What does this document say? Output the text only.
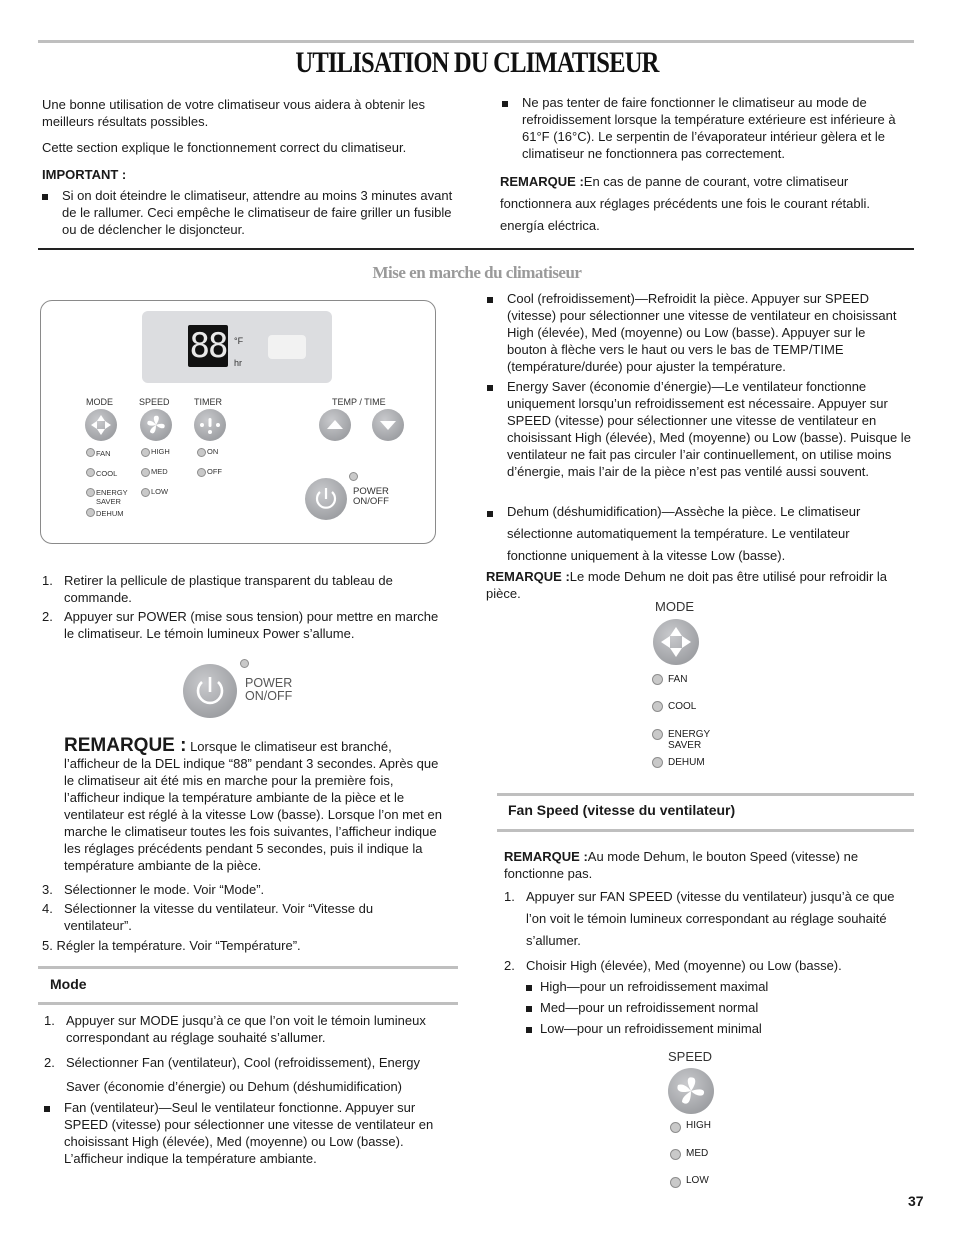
UTILISATION DU CLIMATISEUR

Une bonne utilisation de votre climatiseur vous aidera à obtenir les meilleurs résultats possibles.

Cette section explique le fonctionnement correct du climatiseur.

IMPORTANT :

Si on doit éteindre le climatiseur, attendre au moins 3 minutes avant de le rallumer. Ceci empêche le climatiseur de faire griller un fusible ou de déclencher le disjoncteur.
Ne pas tenter de faire fonctionner le climatiseur au mode de refroidissement lorsque la température extérieure est inférieure à 61°F (16°C). Le serpentin de l’évaporateur intérieur gèlera et le climatiseur ne fonctionnera pas correctement.

REMARQUE :En cas de panne de courant, votre climatiseur fonctionnera aux réglages précédents une fois le courant rétabli. energía eléctrica.

Mise en marche du climatiseur
88 °F
hr
MODE	SPEED	TIMER	TEMP / TIME
FAN
COOL
ENERGY SAVER
DEHUM
HIGH
MED
LOW
ON
OFF
POWER ON/OFF
1. Retirer la pellicule de plastique transparent du tableau de commande.
2. Appuyer sur POWER (mise sous tension) pour mettre en marche le climatiseur. Le témoin lumineux Power s’allume.
POWER ON/OFF

REMARQUE : Lorsque le climatiseur est branché, l’afficheur de la DEL indique “88” pendant 3 secondes. Après que le climatiseur ait été mis en marche pour la première fois, l’afficheur indique la température ambiante de la pièce et le ventilateur est réglé à la vitesse Low (basse). Lorsque l’on met en marche le climatiseur toutes les fois suivantes, l’afficheur indique les réglages précédents pendant 5 secondes, puis il indique la température ambiante de la pièce.

3. Sélectionner le mode. Voir “Mode”.
4. Sélectionner la vitesse du ventilateur. Voir “Vitesse du ventilateur”.

5. Régler la température. Voir “Température”.

Mode
1. Appuyer sur MODE jusqu’à ce que l’on voit le témoin lumineux correspondant au réglage souhaité s’allumer.
2. Sélectionner Fan (ventilateur), Cool (refroidissement), Energy

Saver (économie d’énergie) ou Dehum (déshumidification)

Fan (ventilateur)—Seul le ventilateur fonctionne. Appuyer sur SPEED (vitesse) pour sélectionner une vitesse de ventilateur en choisissant High (élevée), Med (moyenne) ou Low (basse). L’afficheur indique la température ambiante.
Cool (refroidissement)—Refroidit la pièce. Appuyer sur SPEED (vitesse) pour sélectionner une vitesse de ventilateur en choisissant High (élevée), Med (moyenne) ou Low (basse). Appuyer sur le bouton à flèche vers le haut ou vers le bas de TEMP/TIME (température/durée) pour ajuster la température.
Energy Saver (économie d’énergie)—Le ventilateur fonctionne uniquement lorsqu’un refroidissement est nécessaire. Appuyer sur SPEED (vitesse) pour sélectionner une vitesse de ventilateur en choisissant High (élevée), Med (moyenne) ou Low (basse). Puisque le ventilateur ne fait pas circuler l’air continuellement, on utilise moins d’énergie, mais l’air de la pièce n’est pas ventilé aussi souvent.
Dehum (déshumidification)—Assèche la pièce. Le climatiseur sélectionne automatiquement la température. Le ventilateur fonctionne uniquement à la vitesse Low (basse).

REMARQUE :Le mode Dehum ne doit pas être utilisé pour refroidir la pièce.

MODE
FAN
COOL
ENERGY SAVER
DEHUM
Fan Speed (vitesse du ventilateur)

REMARQUE :Au mode Dehum, le bouton Speed (vitesse) ne fonctionne pas.

1. Appuyer sur FAN SPEED (vitesse du ventilateur) jusqu’à ce que l’on voit le témoin lumineux correspondant au réglage souhaité s’allumer.
2. Choisir High (élevée), Med (moyenne) ou Low (basse).
High—pour un refroidissement maximal
Med—pour un refroidissement normal
Low—pour un refroidissement minimal
SPEED
HIGH
MED
LOW
37
